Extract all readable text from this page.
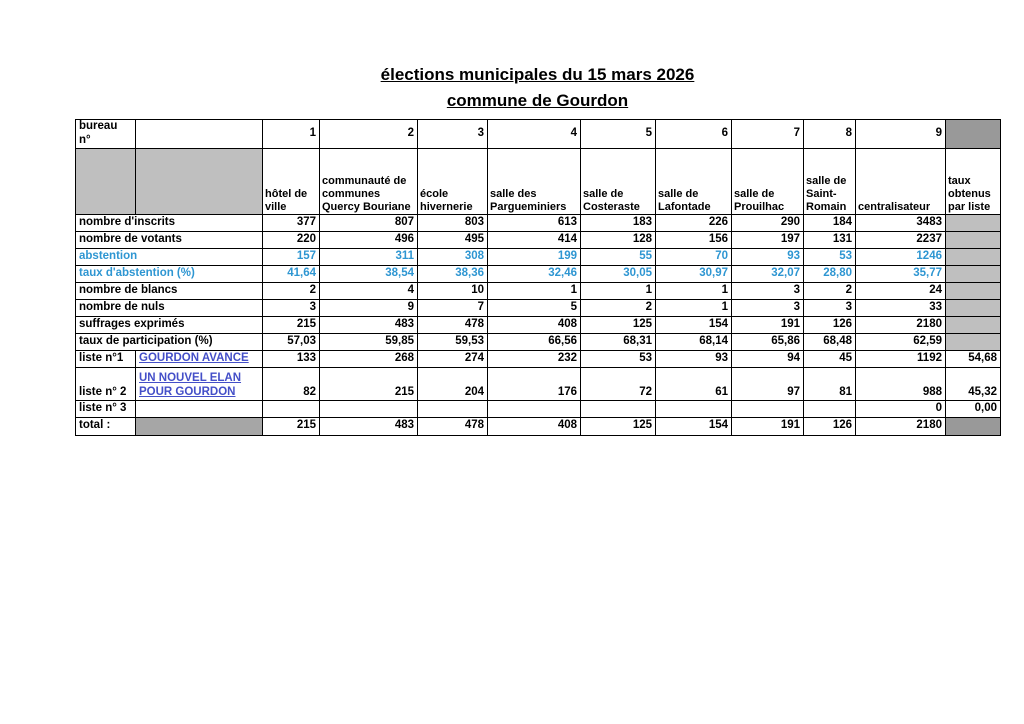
élections municipales du 15 mars 2026
commune de Gourdon
bureau n°		1	2	3	4	5	6	7	8	9	
		hôtel de ville	communauté de communes Quercy Bouriane	école hivernerie	salle des Pargueminiers	salle de Costeraste	salle de Lafontade	salle de Prouilhac	salle de Saint-Romain	centralisateur	taux obtenus par liste
nombre d'inscrits		377	807	803	613	183	226	290	184	3483	
nombre de votants		220	496	495	414	128	156	197	131	2237	
abstention		157	311	308	199	55	70	93	53	1246	
taux d'abstention (%)		41,64	38,54	38,36	32,46	30,05	30,97	32,07	28,80	35,77	
nombre de blancs		2	4	10	1	1	1	3	2	24	
nombre de nuls		3	9	7	5	2	1	3	3	33	
suffrages exprimés		215	483	478	408	125	154	191	126	2180	
taux de participation (%)		57,03	59,85	59,53	66,56	68,31	68,14	65,86	68,48	62,59	
liste n°1	GOURDON AVANCE	133	268	274	232	53	93	94	45	1192	54,68
liste n° 2	UN NOUVEL ELAN POUR GOURDON	82	215	204	176	72	61	97	81	988	45,32
liste n° 3										0	0,00
total :		215	483	478	408	125	154	191	126	2180	
